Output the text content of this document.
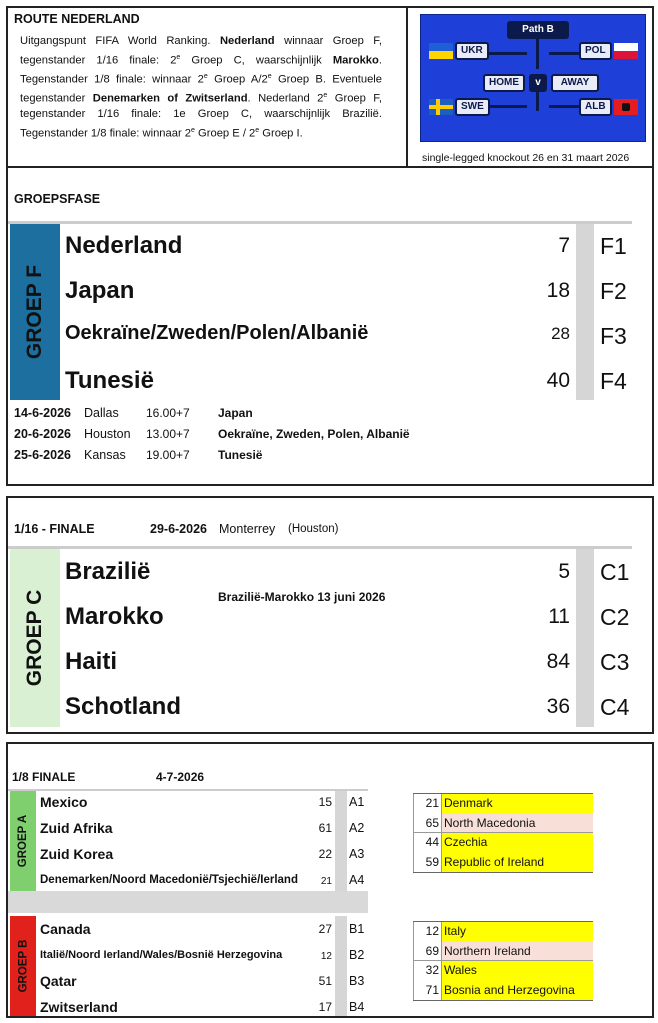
ROUTE NEDERLAND
Uitgangspunt FIFA World Ranking. Nederland winnaar Groep F, tegenstander 1/16 finale: 2e Groep C, waarschijnlijk Marokko. Tegenstander 1/8 finale: winnaar 2e Groep A/2e Groep B. Eventuele tegenstander Denemarken of Zwitserland. Nederland 2e Groep F, tegenstander 1/16 finale: 1e Groep C, waarschijnlijk Brazilië. Tegenstander 1/8 finale: winnaar 2e Groep E / 2e Groep I.
Path B
UKR	POL
HOME	v	AWAY
SWE	ALB
single-legged knockout 26 en 31 maart 2026
GROEPSFASE
GROEP F
Nederland	7 F1
Japan	18 F2
Oekraïne/Zweden/Polen/Albanië	28 F3
Tunesië	40 F4
14-6-2026 Dallas 16.00+7 Japan
20-6-2026 Houston 13.00+7 Oekraïne, Zweden, Polen, Albanië
25-6-2026 Kansas 19.00+7 Tunesië
1/16 - FINALE	29-6-2026 Monterrey (Houston)
GROEP C	Brazilië-Marokko 13 juni 2026
Brazilië	5 C1
Marokko	11 C2
Haiti	84 C3
Schotland	36 C4
1/8 FINALE	4-7-2026
GROEP A
Mexico	15 A1
Zuid Afrika	61 A2
Zuid Korea	22 A3
Denemarken/Noord Macedonië/Tsjechië/Ierland	21 A4
GROEP B
Canada	27 B1
Italië/Noord Ierland/Wales/Bosnië Herzegovina	12 B2
Qatar	51 B3
Zwitserland	17 B4
21 Denmark
65 North Macedonia
44 Czechia
59 Republic of Ireland
12 Italy
69 Northern Ireland
32 Wales
71 Bosnia and Herzegovina
